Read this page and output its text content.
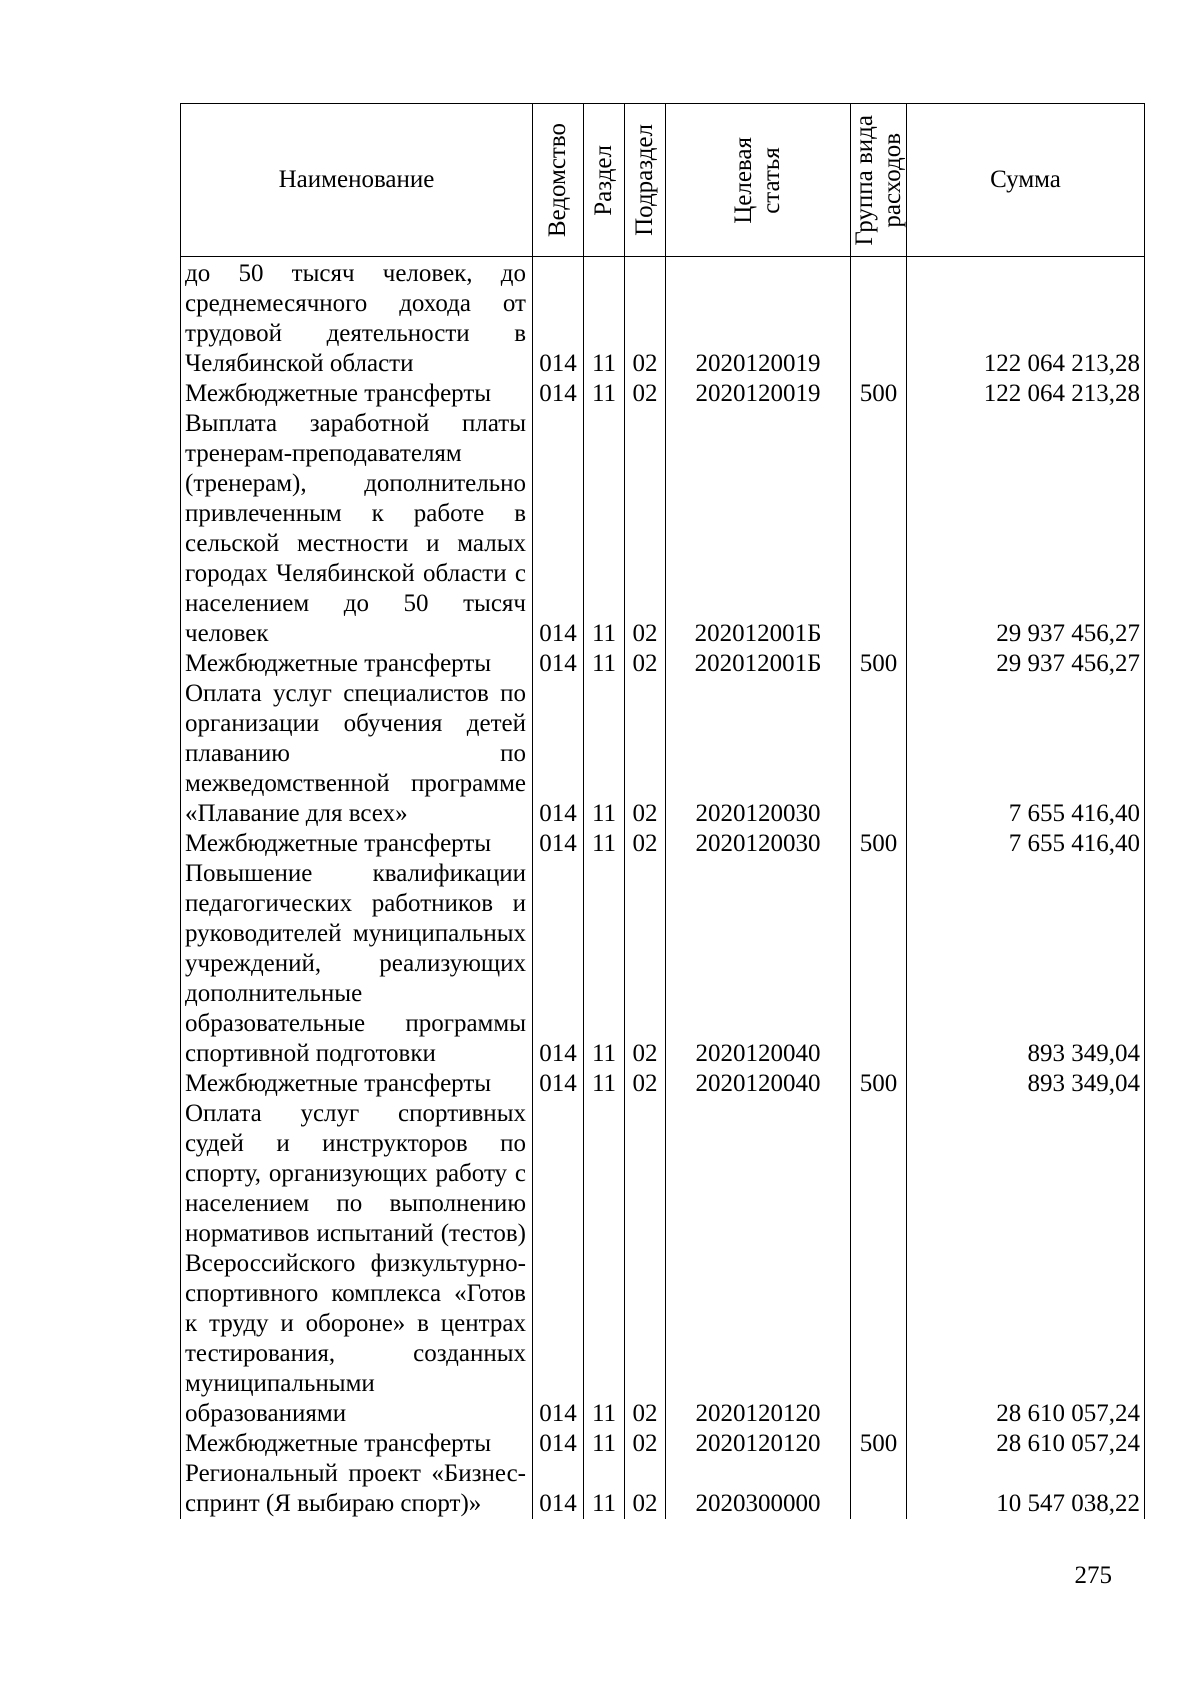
Наименование	Ведомство	Раздел	Подраздел	Целевая
статья	Группа вида
расходов	Сумма
до 50 тысяч человек, до среднемесячного дохода от трудовой деятельности в Челябинской области	014	11	02	2020120019		122 064 213,28
Межбюджетные трансферты	014	11	02	2020120019	500	122 064 213,28
Выплата заработной платы тренерам-преподавателям (тренерам), дополнительно привлеченным к работе в сельской местности и малых городах Челябинской области с населением до 50 тысяч человек	014	11	02	202012001Б		29 937 456,27
Межбюджетные трансферты	014	11	02	202012001Б	500	29 937 456,27
Оплата услуг специалистов по организации обучения детей плаванию по межведомственной программе «Плавание для всех»	014	11	02	2020120030		7 655 416,40
Межбюджетные трансферты	014	11	02	2020120030	500	7 655 416,40
Повышение квалификации педагогических работников и руководителей муниципальных учреждений, реализующих дополнительные образовательные программы спортивной подготовки	014	11	02	2020120040		893 349,04
Межбюджетные трансферты	014	11	02	2020120040	500	893 349,04
Оплата услуг спортивных судей и инструкторов по спорту, организующих работу с населением по выполнению нормативов испытаний (тестов) Всероссийского физкультурно-спортивного комплекса «Готов к труду и обороне» в центрах тестирования, созданных муниципальными образованиями	014	11	02	2020120120		28 610 057,24
Межбюджетные трансферты	014	11	02	2020120120	500	28 610 057,24
Региональный проект «Бизнес-спринт (Я выбираю спорт)»	014	11	02	2020300000		10 547 038,22
275
